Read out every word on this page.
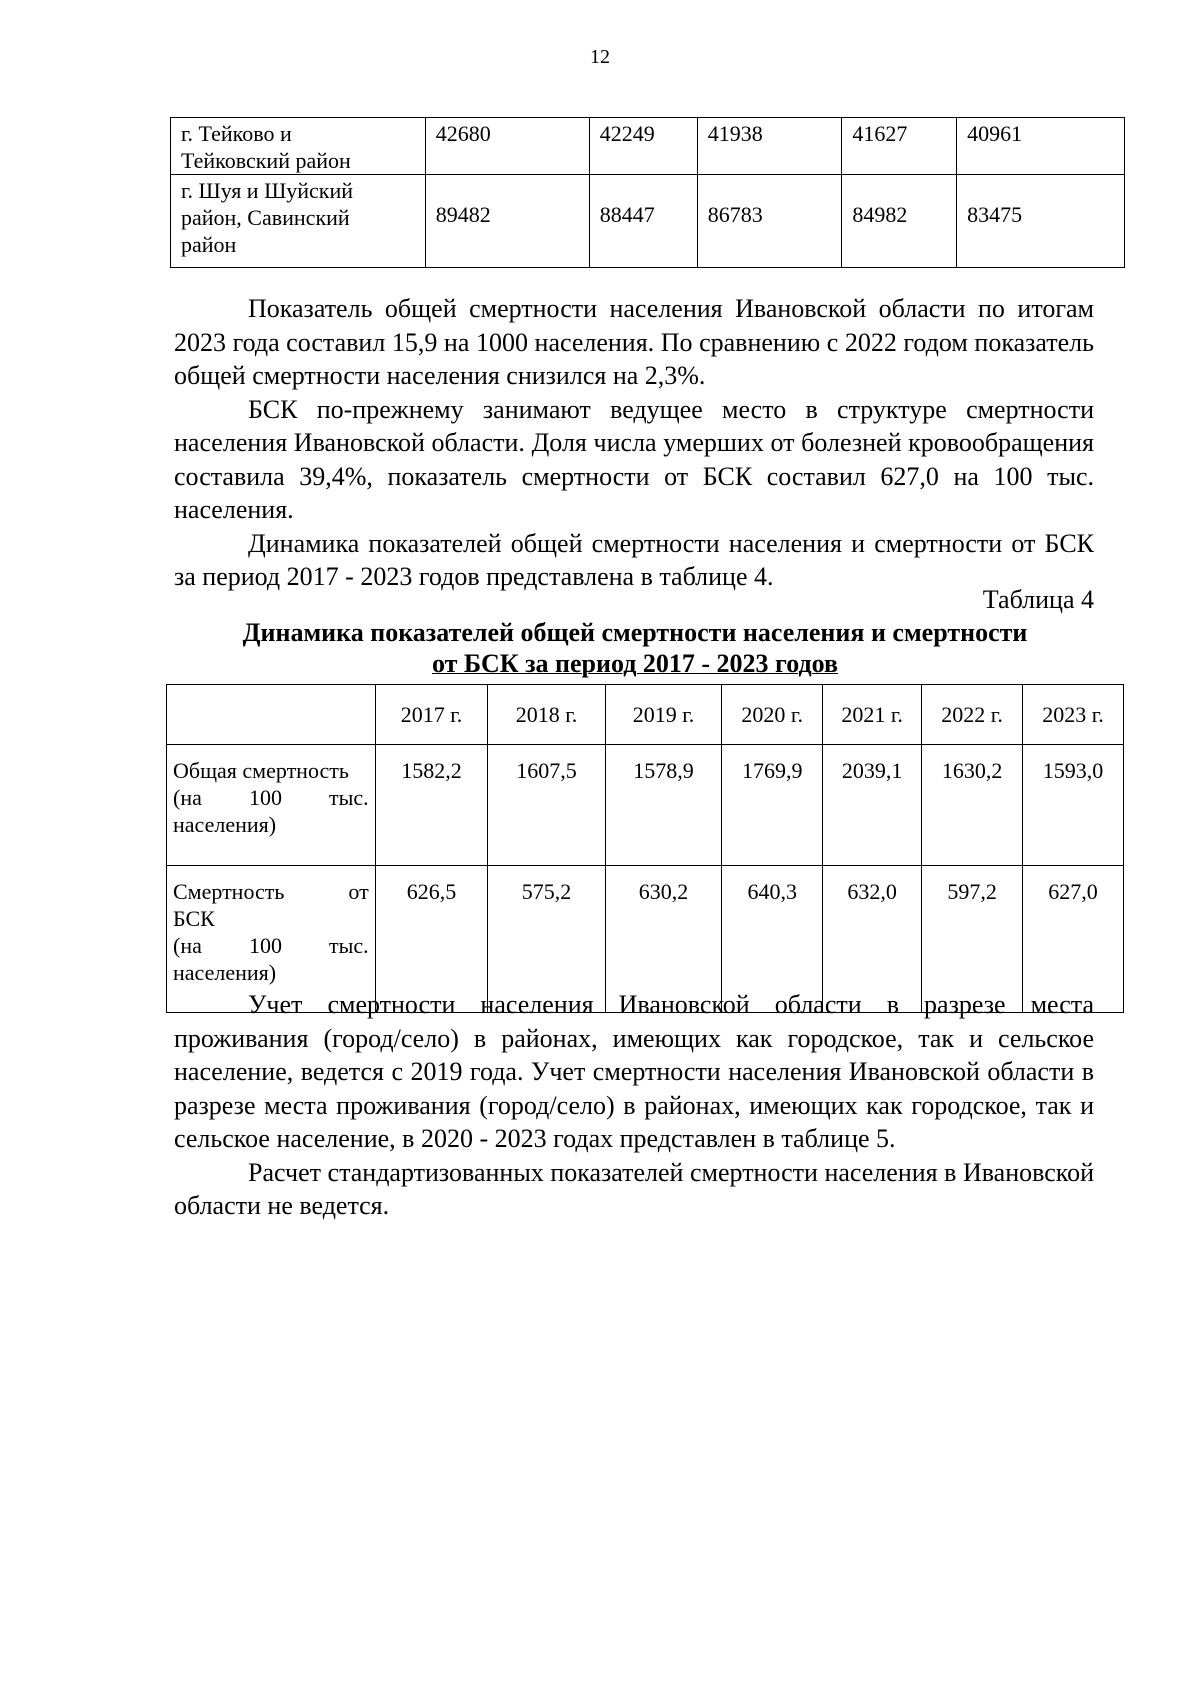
12
г. Тейково и
Тейковский район	42680	42249	41938	41627	40961

г. Шуя и Шуйский
район, Савинский
район	89482	88447	86783	84982	83475

Показатель общей смертности населения Ивановской области по итогам 2023 года составил 15,9 на 1000 населения. По сравнению с 2022 годом показатель общей смертности населения снизился на 2,3%.

БСК по-прежнему занимают ведущее место в структуре смертности населения Ивановской области. Доля числа умерших от болезней кровообращения составила 39,4%, показатель смертности от БСК составил 627,0 на 100 тыс. населения.

Динамика показателей общей смертности населения и смертности от БСК за период 2017 - 2023 годов представлена в таблице 4.

Таблица 4
Динамика показателей общей смертности населения и смертности
от БСК за период 2017 - 2023 годов
	2017 г.	2018 г.	2019 г.	2020 г.	2021 г.	2022 г.	2023 г.

Общая смертность
(на 100 тыс.
населения)	1582,2	1607,5	1578,9	1769,9	2039,1	1630,2	1593,0

Смертность от
БСК
(на 100 тыс.
населения)	626,5	575,2	630,2	640,3	632,0	597,2	627,0

Учет смертности населения Ивановской области в разрезе места проживания (город/село) в районах, имеющих как городское, так и сельское население, ведется с 2019 года. Учет смертности населения Ивановской области в разрезе места проживания (город/село) в районах, имеющих как городское, так и сельское население, в 2020 - 2023 годах представлен в таблице 5.

Расчет стандартизованных показателей смертности населения в Ивановской области не ведется.
